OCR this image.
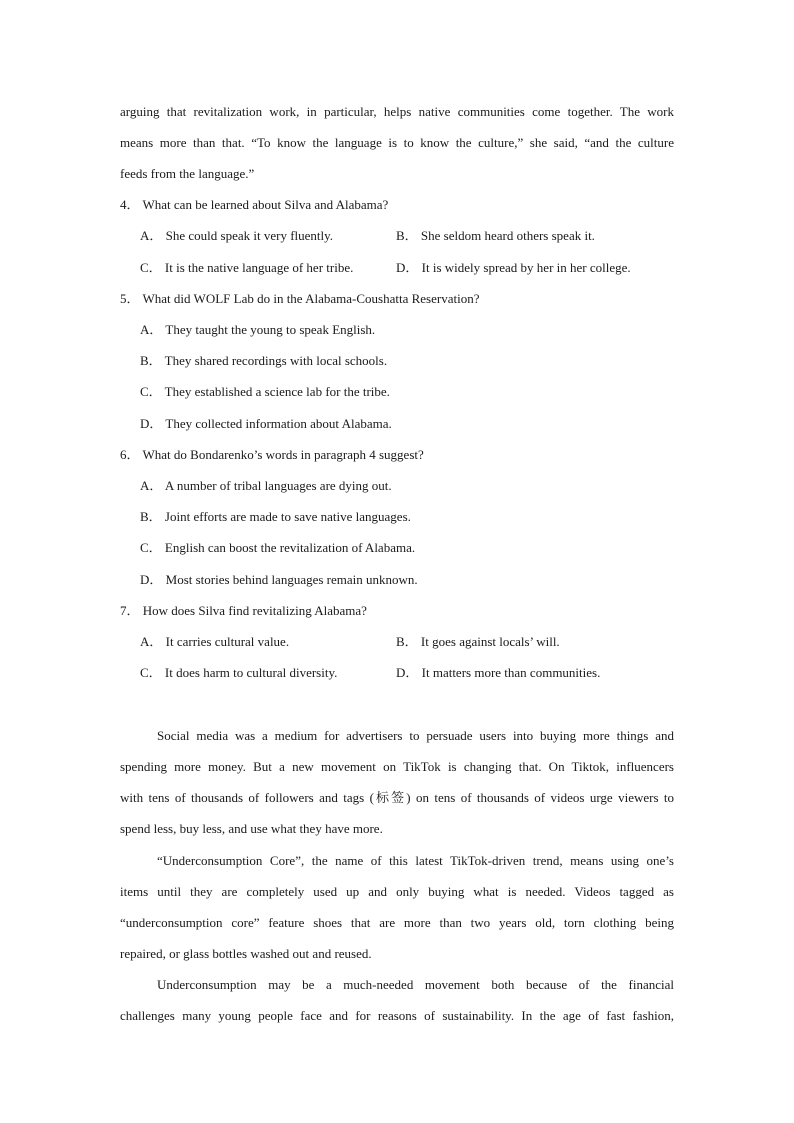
arguing that revitalization work, in particular, helps native communities come together. The work
means more than that. “To know the language is to know the culture,” she said, “and the culture
feeds from the language.”
4． What can be learned about Silva and Alabama?
A． She could speak it very fluently.	B． She seldom heard others speak it.
C． It is the native language of her tribe.	D． It is widely spread by her in her college.
5． What did WOLF Lab do in the Alabama-Coushatta Reservation?
A． They taught the young to speak English.
B． They shared recordings with local schools.
C． They established a science lab for the tribe.
D． They collected information about Alabama.
6． What do Bondarenko’s words in paragraph 4 suggest?
A． A number of tribal languages are dying out.
B． Joint efforts are made to save native languages.
C． English can boost the revitalization of Alabama.
D． Most stories behind languages remain unknown.
7． How does Silva find revitalizing Alabama?
A． It carries cultural value.	B． It goes against locals’ will.
C． It does harm to cultural diversity.	D． It matters more than communities.
Social media was a medium for advertisers to persuade users into buying more things and
spending more money. But a new movement on TikTok is changing that. On Tiktok, influencers
with tens of thousands of followers and tags (标签) on tens of thousands of videos urge viewers to
spend less, buy less, and use what they have more.
“Underconsumption Core”, the name of this latest TikTok-driven trend, means using one’s
items until they are completely used up and only buying what is needed. Videos tagged as
“underconsumption core” feature shoes that are more than two years old, torn clothing being
repaired, or glass bottles washed out and reused.
Underconsumption may be a much-needed movement both because of the financial
challenges many young people face and for reasons of sustainability. In the age of fast fashion,
